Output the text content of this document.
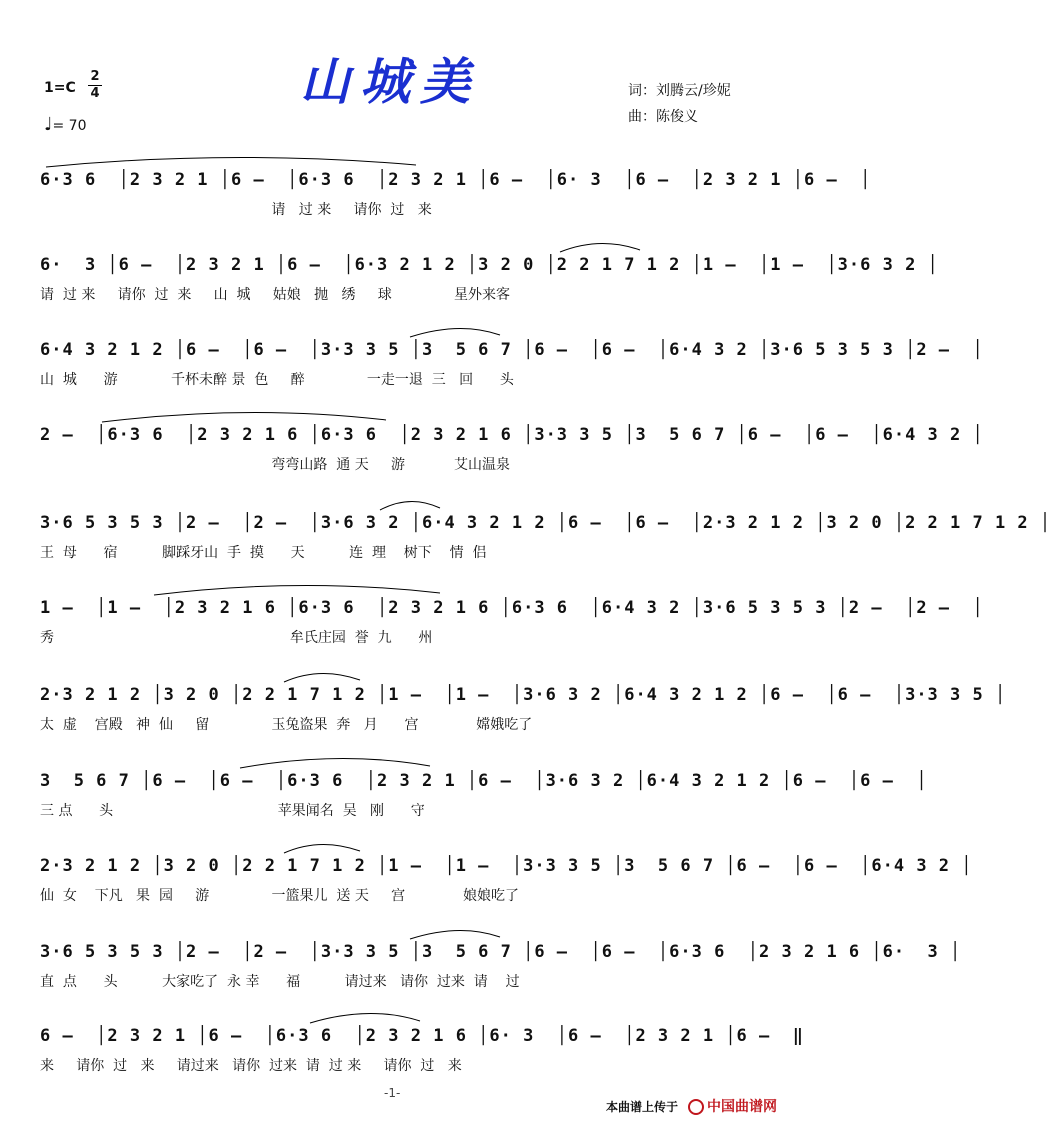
山城美
1=C
2
4
♩= 70
词：刘腾云/珍妮
曲：陈俊义
6·3 6  │2 3 2 1 │6 ‒  │6·3 6  │2 3 2 1 │6 ‒  │6· 3  │6 ‒  │2 3 2 1 │6 ‒  │
请   过 来     请你  过   来
6·  3 │6 ‒  │2 3 2 1 │6 ‒  │6·3 2 1 2 │3 2 0 │2 2 1 7 1 2 │1 ‒  │1 ‒  │3·6 3 2 │
请  过 来     请你  过  来     山  城     姑娘   抛   绣     球              星外来客
6·4 3 2 1 2 │6 ‒  │6 ‒  │3·3 3 5 │3  5 6 7 │6 ‒  │6 ‒  │6·4 3 2 │3·6 5 3 5 3 │2 ‒  │
山  城      游            千杯未醉 景  色     醉              一走一退  三   回      头
2 ‒  │6·3 6  │2 3 2 1 6 │6·3 6  │2 3 2 1 6 │3·3 3 5 │3  5 6 7 │6 ‒  │6 ‒  │6·4 3 2 │
弯弯山路  通 天     游           艾山温泉
3·6 5 3 5 3 │2 ‒  │2 ‒  │3·6 3 2 │6·4 3 2 1 2 │6 ‒  │6 ‒  │2·3 2 1 2 │3 2 0 │2 2 1 7 1 2 │
王  母      宿          脚踩牙山  手  摸      天          连  理    树下    情  侣
1 ‒  │1 ‒  │2 3 2 1 6 │6·3 6  │2 3 2 1 6 │6·3 6  │6·4 3 2 │3·6 5 3 5 3 │2 ‒  │2 ‒  │
秀                                                     牟氏庄园  誉  九      州
2·3 2 1 2 │3 2 0 │2 2 1 7 1 2 │1 ‒  │1 ‒  │3·6 3 2 │6·4 3 2 1 2 │6 ‒  │6 ‒  │3·3 3 5 │
太  虚    宫殿   神  仙     留              玉兔盗果  奔   月      宫             嫦娥吃了
3  5 6 7 │6 ‒  │6 ‒  │6·3 6  │2 3 2 1 │6 ‒  │3·6 3 2 │6·4 3 2 1 2 │6 ‒  │6 ‒  │
三 点      头                                     苹果闻名  吴   刚      守
2·3 2 1 2 │3 2 0 │2 2 1 7 1 2 │1 ‒  │1 ‒  │3·3 3 5 │3  5 6 7 │6 ‒  │6 ‒  │6·4 3 2 │
仙  女    下凡   果  园     游              一篮果儿  送 天     宫             娘娘吃了
3·6 5 3 5 3 │2 ‒  │2 ‒  │3·3 3 5 │3  5 6 7 │6 ‒  │6 ‒  │6·3 6  │2 3 2 1 6 │6·  3 │
直  点      头          大家吃了  永 幸      福          请过来   请你  过来  请    过
6 ‒  │2 3 2 1 │6 ‒  │6·3 6  │2 3 2 1 6 │6· 3  │6 ‒  │2 3 2 1 │6 ‒  ‖
来     请你  过   来     请过来   请你  过来  请  过 来     请你  过   来
-1-
本曲谱上传于	中国曲谱网
